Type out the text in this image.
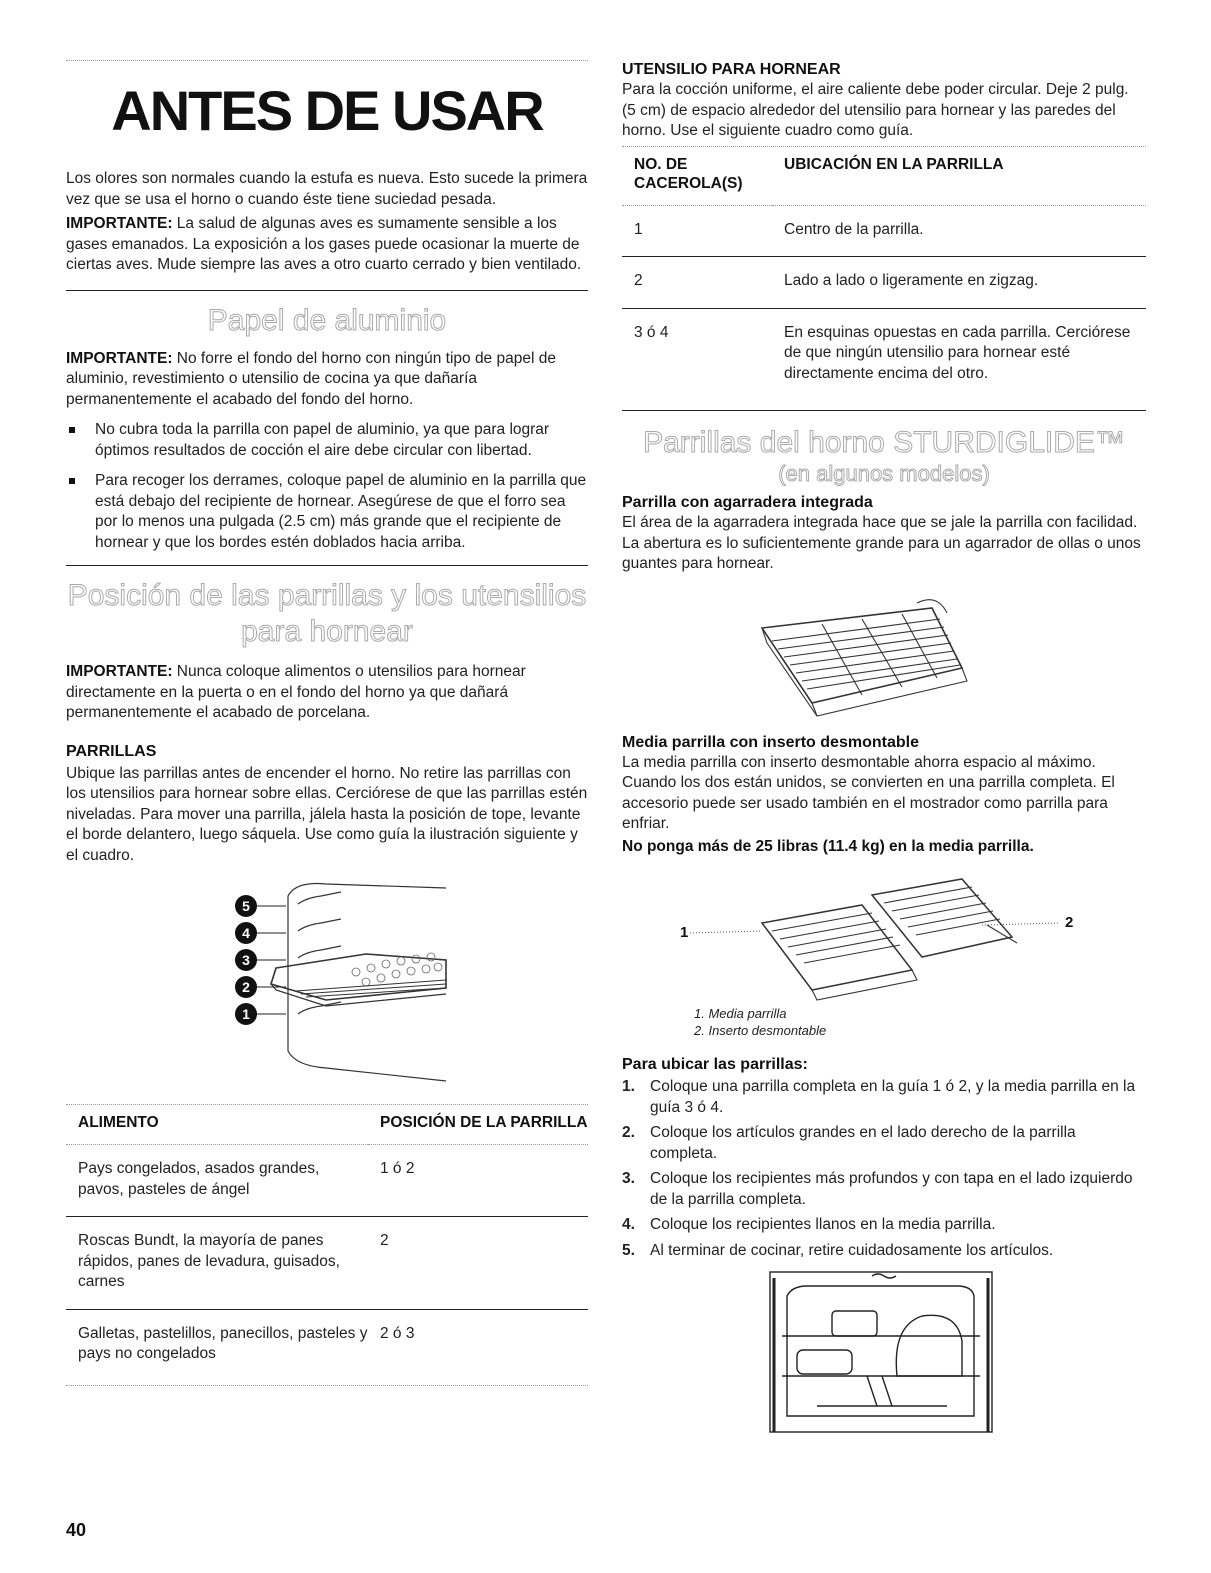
ANTES DE USAR

Los olores son normales cuando la estufa es nueva. Esto sucede la primera vez que se usa el horno o cuando éste tiene suciedad pesada.

IMPORTANTE: La salud de algunas aves es sumamente sensible a los gases emanados. La exposición a los gases puede ocasionar la muerte de ciertas aves. Mude siempre las aves a otro cuarto cerrado y bien ventilado.

Papel de aluminio

IMPORTANTE: No forre el fondo del horno con ningún tipo de papel de aluminio, revestimiento o utensilio de cocina ya que dañaría permanentemente el acabado del fondo del horno.

No cubra toda la parrilla con papel de aluminio, ya que para lograr óptimos resultados de cocción el aire debe circular con libertad.
Para recoger los derrames, coloque papel de aluminio en la parrilla que está debajo del recipiente de hornear. Asegúrese de que el forro sea por lo menos una pulgada (2.5 cm) más grande que el recipiente de hornear y que los bordes estén doblados hacia arriba.
Posición de las parrillas y los utensilios
para hornear

IMPORTANTE: Nunca coloque alimentos o utensilios para hornear directamente en la puerta o en el fondo del horno ya que dañará permanentemente el acabado de porcelana.

PARRILLAS

Ubique las parrillas antes de encender el horno. No retire las parrillas con los utensilios para hornear sobre ellas. Cerciórese de que las parrillas estén niveladas. Para mover una parrilla, jálela hasta la posición de tope, levante el borde delantero, luego sáquela. Use como guía la ilustración siguiente y el cuadro.

5
4
3
2
1
ALIMENTO	POSICIÓN DE LA PARRILLA
Pays congelados, asados grandes, pavos, pasteles de ángel	1 ó 2
Roscas Bundt, la mayoría de panes rápidos, panes de levadura, guisados, carnes	2
Galletas, pastelillos, panecillos, pasteles y pays no congelados	2 ó 3
UTENSILIO PARA HORNEAR

Para la cocción uniforme, el aire caliente debe poder circular. Deje 2 pulg. (5 cm) de espacio alrededor del utensilio para hornear y las paredes del horno. Use el siguiente cuadro como guía.

NO. DE CACEROLA(S)	UBICACIÓN EN LA PARRILLA
1	Centro de la parrilla.
2	Lado a lado o ligeramente en zigzag.
3 ó 4	En esquinas opuestas en cada parrilla. Cerciórese de que ningún utensilio para hornear esté directamente encima del otro.
Parrillas del horno STURDIGLIDE™
(en algunos modelos)
Parrilla con agarradera integrada

El área de la agarradera integrada hace que se jale la parrilla con facilidad. La abertura es lo suficientemente grande para un agarrador de ollas o unos guantes para hornear.

Media parrilla con inserto desmontable

La media parrilla con inserto desmontable ahorra espacio al máximo. Cuando los dos están unidos, se convierten en una parrilla completa. El accesorio puede ser usado también en el mostrador como parrilla para enfriar.

No ponga más de 25 libras (11.4 kg) en la media parrilla.

1
2
1. Media parrilla
2. Inserto desmontable
Para ubicar las parrillas:
1. Coloque una parrilla completa en la guía 1 ó 2, y la media parrilla en la guía 3 ó 4.
2. Coloque los artículos grandes en el lado derecho de la parrilla completa.
3. Coloque los recipientes más profundos y con tapa en el lado izquierdo de la parrilla completa.
4. Coloque los recipientes llanos en la media parrilla.
5. Al terminar de cocinar, retire cuidadosamente los artículos.
40
